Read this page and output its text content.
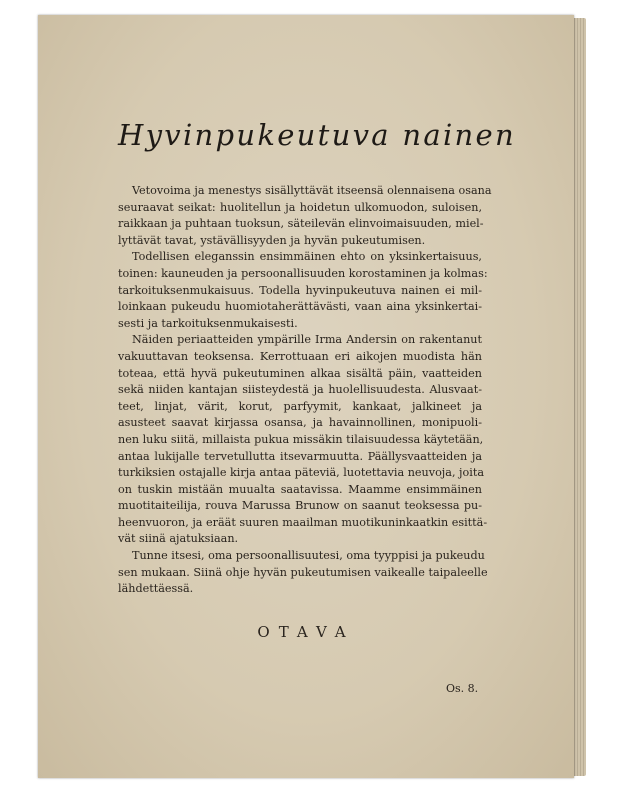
Hyvinpukeutuva nainen
Vetovoima ja menestys sisällyttävät itseensä olennaisena osana
seuraavat seikat: huolitellun ja hoidetun ulkomuodon, suloisen,
raikkaan ja puhtaan tuoksun, säteilevän elinvoimaisuuden, miel-
lyttävät tavat, ystävällisyyden ja hyvän pukeutumisen.
Todellisen eleganssin ensimmäinen ehto on yksinkertaisuus,
toinen: kauneuden ja persoonallisuuden korostaminen ja kolmas:
tarkoituksenmukaisuus. Todella hyvinpukeutuva nainen ei mil-
loinkaan pukeudu huomiotaherättävästi, vaan aina yksinkertai-
sesti ja tarkoituksenmukaisesti.
Näiden periaatteiden ympärille Irma Andersin on rakentanut
vakuuttavan teoksensa. Kerrottuaan eri aikojen muodista hän
toteaa, että hyvä pukeutuminen alkaa sisältä päin, vaatteiden
sekä niiden kantajan siisteydestä ja huolellisuudesta. Alusvaat-
teet, linjat, värit, korut, parfyymit, kankaat, jalkineet ja
asusteet saavat kirjassa osansa, ja havainnollinen, monipuoli-
nen luku siitä, millaista pukua missäkin tilaisuudessa käytetään,
antaa lukijalle tervetullutta itsevarmuutta. Päällysvaatteiden ja
turkiksien ostajalle kirja antaa päteviä, luotettavia neuvoja, joita
on tuskin mistään muualta saatavissa. Maamme ensimmäinen
muotitaiteilija, rouva Marussa Brunow on saanut teoksessa pu-
heenvuoron, ja eräät suuren maailman muotikuninkaatkin esittä-
vät siinä ajatuksiaan.
Tunne itsesi, oma persoonallisuutesi, oma tyyppisi ja pukeudu
sen mukaan. Siinä ohje hyvän pukeutumisen vaikealle taipaleelle
lähdettäessä.
OTAVA
Os. 8.
